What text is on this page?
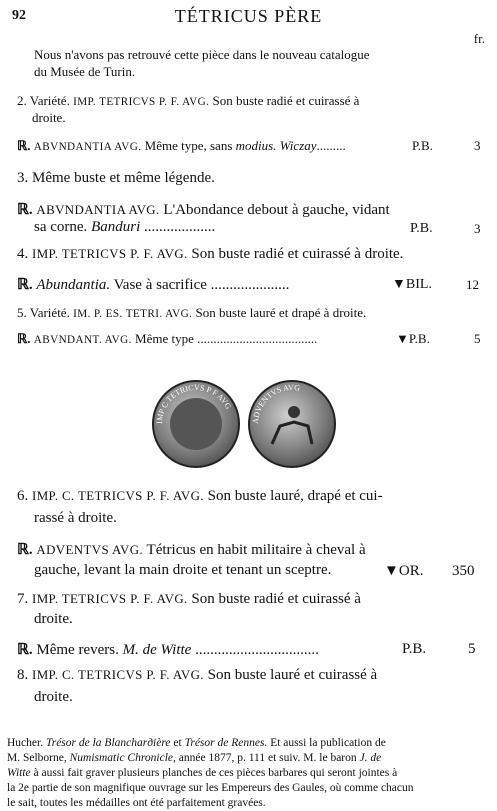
92	TÉTRICUS PÈRE
fr.
Nous n'avons pas retrouvé cette pièce dans le nouveau catalogue
du Musée de Turin.
2. Variété. IMP. TETRICVS P. F. AVG. Son buste radié et cuirassé à
droite.
ℝ. ABVNDANTIA AVG. Même type, sans modius. Wiczay.........	P.B.	3
3. Même buste et même légende.
ℝ. ABVNDANTIA AVG. L'Abondance debout à gauche, vidant
sa corne. Banduri ...................	P.B.	3
4. IMP. TETRICVS P. F. AVG. Son buste radié et cuirassé à droite.
ℝ. Abundantia. Vase à sacrifice .....................	▼BIL.	12
5. Variété. IM. P. ES. TETRI. AVG. Son buste lauré et drapé à droite.
ℝ. ABVNDANT. AVG. Même type .....................................	▼P.B.	5
IMP C TETRICVS P F AVG
ADVENTVS AVG
6. IMP. C. TETRICVS P. F. AVG. Son buste lauré, drapé et cui-
rassé à droite.
ℝ. ADVENTVS AVG. Tétricus en habit militaire à cheval à
gauche, levant la main droite et tenant un sceptre.	▼OR. 350
7. IMP. TETRICVS P. F. AVG. Son buste radié et cuirassé à
droite.
ℝ. Même revers. M. de Witte .................................	P.B.	5
8. IMP. C. TETRICVS P. F. AVG. Son buste lauré et cuirassé à
droite.
Hucher. Trésor de la Blancharдière et Trésor de Rennes. Et aussi la publication de
M. Selborne, Numismatic Chronicle, année 1877, p. 111 et suiv. M. le baron J. de
Witte à aussi fait graver plusieurs planches de ces pièces barbares qui seront jointes à
la 2e partie de son magnifique ouvrage sur les Empereurs des Gaules, où comme chacun
le sait, toutes les médailles ont été parfaitement gravées.
